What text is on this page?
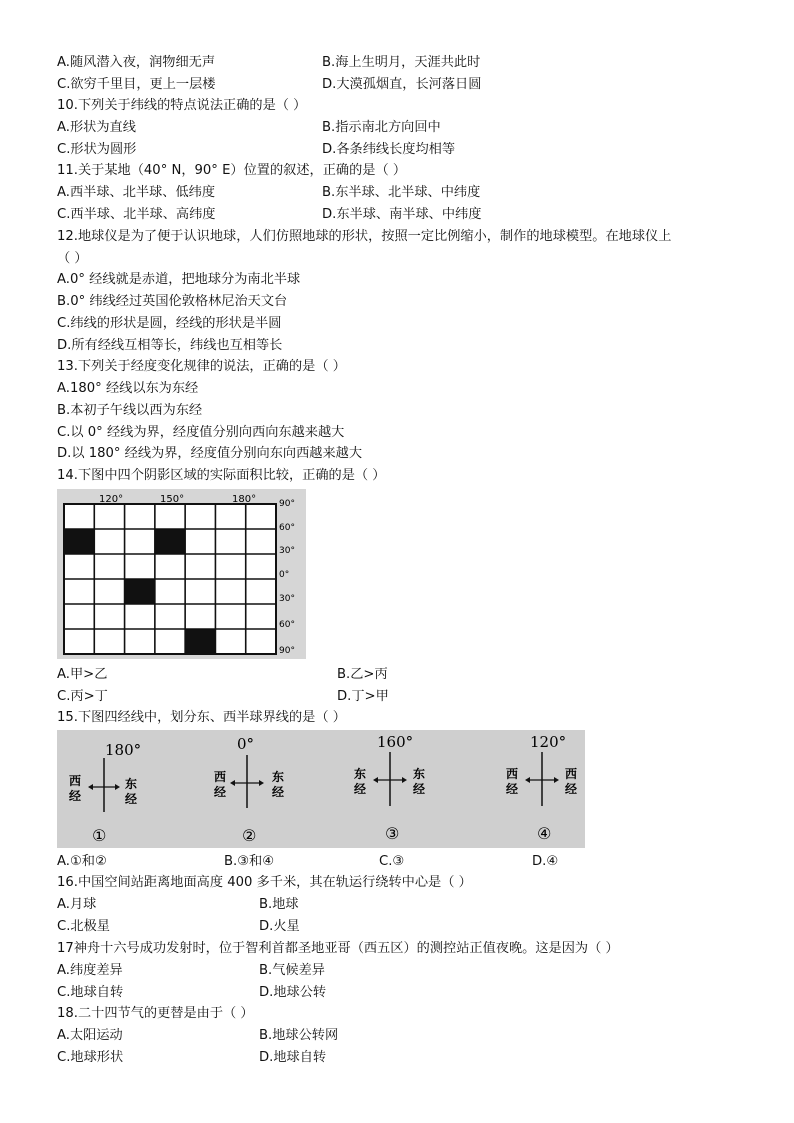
A.随风潜入夜，润物细无声	B.海上生明月，天涯共此时
C.欲穷千里目，更上一层楼	D.大漠孤烟直，长河落日圆
10.下列关于纬线的特点说法正确的是（ ）
A.形状为直线	B.指示南北方向回中
C.形状为圆形	D.各条纬线长度均相等
11.关于某地（40° N，90° E）位置的叙述，正确的是（ ）
A.西半球、北半球、低纬度	B.东半球、北半球、中纬度
C.西半球、北半球、高纬度	D.东半球、南半球、中纬度
12.地球仪是为了便于认识地球，人们仿照地球的形状，按照一定比例缩小，制作的地球模型。在地球仪上
（ ）
A.0° 经线就是赤道，把地球分为南北半球
B.0° 纬线经过英国伦敦格林尼治天文台
C.纬线的形状是圆，经线的形状是半圆
D.所有经线互相等长，纬线也互相等长
13.下列关于经度变化规律的说法，正确的是（ ）
A.180° 经线以东为东经
B.本初子午线以西为东经
C.以 0° 经线为界，经度值分别向西向东越来越大
D.以 180° 经线为界，经度值分别向东向西越来越大
14.下图中四个阴影区域的实际面积比较，正确的是（ ）
120°	150°	180°	90°
60°
30°
0°
30°
60°
90°
A.甲>乙	B.乙>丙
C.丙>丁	D.丁>甲
15.下图四经线中，划分东、西半球界线的是（ ）
180°
西
经
东
经
①
0°
西
经
东
经
②
160°
东
经
东
经
③
120°
西
经
西
经
④
A.①和②	B.③和④	C.③	D.④
16.中国空间站距离地面高度 400 多千米，其在轨运行绕转中心是（ ）
A.月球	B.地球
C.北极星	D.火星
17神舟十六号成功发射时，位于智利首都圣地亚哥（西五区）的测控站正值夜晚。这是因为（ ）
A.纬度差异	B.气候差异
C.地球自转	D.地球公转
18.二十四节气的更替是由于（ ）
A.太阳运动	B.地球公转网
C.地球形状	D.地球自转
